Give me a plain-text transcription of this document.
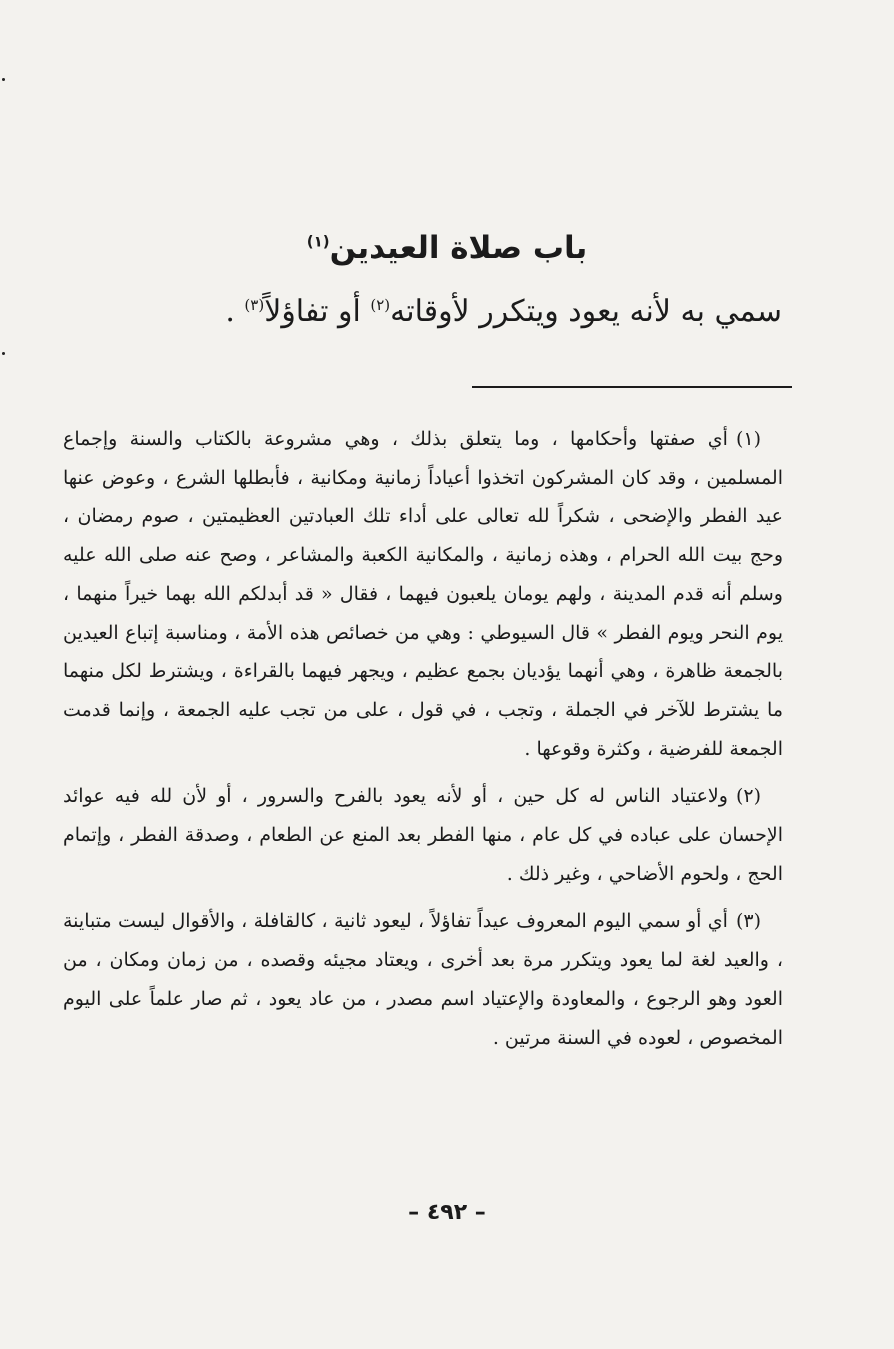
باب صلاة العيدين$^{(١)}$
سمي به لأنه يعود ويتكرر لأوقاته$^{(٢)}$ أو تفاؤلاً$^{(٣)}$ .

(١)أي صفتها وأحكامها ، وما يتعلق بذلك ، وهي مشروعة بالكتاب والسنة وإجماع المسلمين ، وقد كان المشركون اتخذوا أعياداً زمانية ومكانية ، فأبطلها الشرع ، وعوض عنها عيد الفطر والإضحى ، شكراً لله تعالى على أداء تلك العبادتين العظيمتين ، صوم رمضان ، وحج بيت الله الحرام ، وهذه زمانية ، والمكانية الكعبة والمشاعر ، وصح عنه صلى الله عليه وسلم أنه قدم المدينة ، ولهم يومان يلعبون فيهما ، فقال « قد أبدلكم الله بهما خيراً منهما ، يوم النحر ويوم الفطر » قال السيوطي : وهي من خصائص هذه الأمة ، ومناسبة إتباع العيدين بالجمعة ظاهرة ، وهي أنهما يؤديان بجمع عظيم ، ويجهر فيهما بالقراءة ، ويشترط لكل منهما ما يشترط للآخر في الجملة ، وتجب ، في قول ، على من تجب عليه الجمعة ، وإنما قدمت الجمعة للفرضية ، وكثرة وقوعها .

(٢)ولاعتياد الناس له كل حين ، أو لأنه يعود بالفرح والسرور ، أو لأن لله فيه عوائد الإحسان على عباده في كل عام ، منها الفطر بعد المنع عن الطعام ، وصدقة الفطر ، وإتمام الحج ، ولحوم الأضاحي ، وغير ذلك .

(٣)أي أو سمي اليوم المعروف عيداً تفاؤلاً ، ليعود ثانية ، كالقافلة ، والأقوال ليست متباينة ، والعيد لغة لما يعود ويتكرر مرة بعد أخرى ، ويعتاد مجيئه وقصده ، من زمان ومكان ، من العود وهو الرجوع ، والمعاودة والإعتياد اسم مصدر ، من عاد يعود ، ثم صار علماً على اليوم المخصوص ، لعوده في السنة مرتين .

– ٤٩٢ –
